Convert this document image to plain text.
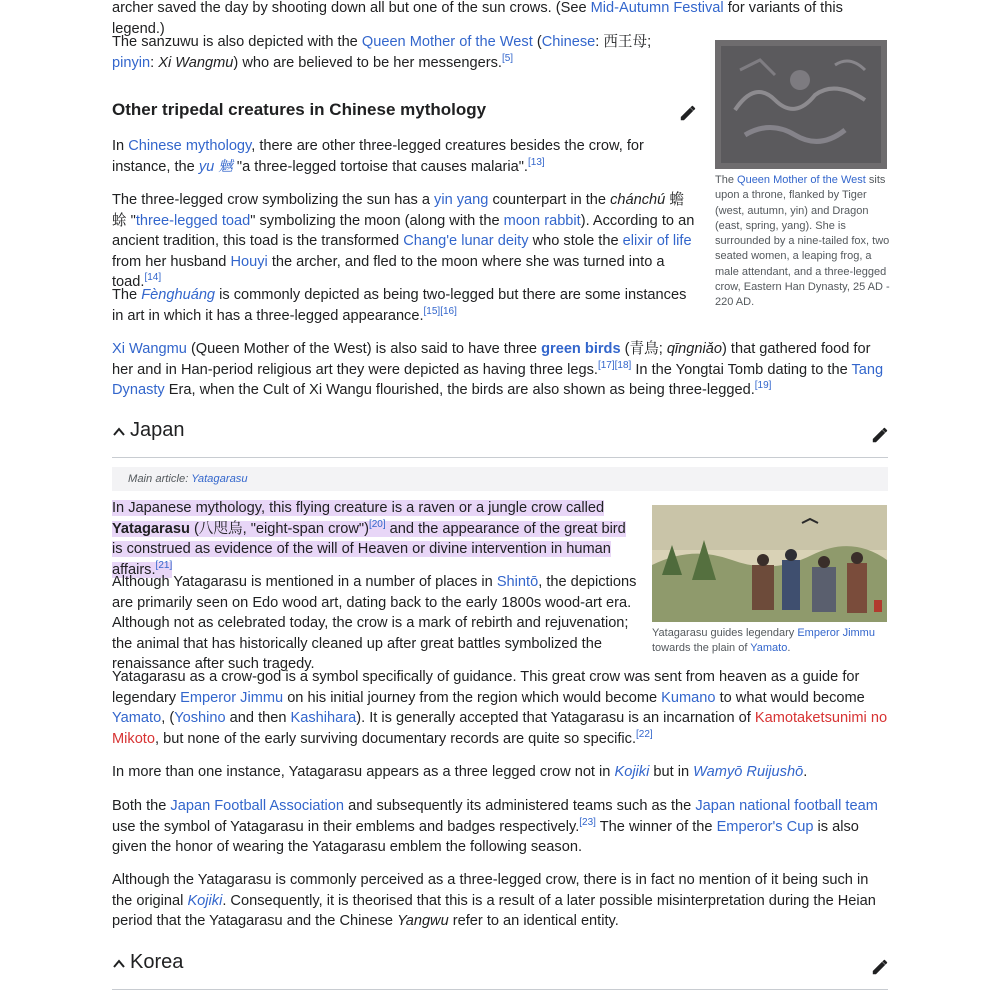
archer saved the day by shooting down all but one of the sun crows. (See Mid-Autumn Festival for variants of this legend.)

The sanzuwu is also depicted with the Queen Mother of the West (Chinese: 西王母; pinyin: Xi Wangmu) who are believed to be her messengers.[5]

The Queen Mother of the West sits upon a throne, flanked by Tiger (west, autumn, yin) and Dragon (east, spring, yang). She is surrounded by a nine-tailed fox, two seated women, a leaping frog, a male attendant, and a three-legged crow, Eastern Han Dynasty, 25 AD - 220 AD.
Other tripedal creatures in Chinese mythology

In Chinese mythology, there are other three-legged creatures besides the crow, for instance, the yu 魊 "a three-legged tortoise that causes malaria".[13]

The three-legged crow symbolizing the sun has a yin yang counterpart in the chánchú 蟾蜍 "three-legged toad" symbolizing the moon (along with the moon rabbit). According to an ancient tradition, this toad is the transformed Chang'e lunar deity who stole the elixir of life from her husband Houyi the archer, and fled to the moon where she was turned into a toad.[14]

The Fènghuáng is commonly depicted as being two-legged but there are some instances in art in which it has a three-legged appearance.[15][16]

Xi Wangmu (Queen Mother of the West) is also said to have three green birds (青鳥; qīngniǎo) that gathered food for her and in Han-period religious art they were depicted as having three legs.[17][18] In the Yongtai Tomb dating to the Tang Dynasty Era, when the Cult of Xi Wangu flourished, the birds are also shown as being three-legged.[19]

Japan
Main article: Yatagarasu

In Japanese mythology, this flying creature is a raven or a jungle crow called Yatagarasu (八咫烏, "eight-span crow")[20] and the appearance of the great bird is construed as evidence of the will of Heaven or divine intervention in human affairs.[21]

Yatagarasu guides legendary Emperor Jimmu towards the plain of Yamato.

Although Yatagarasu is mentioned in a number of places in Shintō, the depictions are primarily seen on Edo wood art, dating back to the early 1800s wood-art era. Although not as celebrated today, the crow is a mark of rebirth and rejuvenation; the animal that has historically cleaned up after great battles symbolized the renaissance after such tragedy.

Yatagarasu as a crow-god is a symbol specifically of guidance. This great crow was sent from heaven as a guide for legendary Emperor Jimmu on his initial journey from the region which would become Kumano to what would become Yamato, (Yoshino and then Kashihara). It is generally accepted that Yatagarasu is an incarnation of Kamotaketsunimi no Mikoto, but none of the early surviving documentary records are quite so specific.[22]

In more than one instance, Yatagarasu appears as a three legged crow not in Kojiki but in Wamyō Ruijushō.

Both the Japan Football Association and subsequently its administered teams such as the Japan national football team use the symbol of Yatagarasu in their emblems and badges respectively.[23] The winner of the Emperor's Cup is also given the honor of wearing the Yatagarasu emblem the following season.

Although the Yatagarasu is commonly perceived as a three-legged crow, there is in fact no mention of it being such in the original Kojiki. Consequently, it is theorised that this is a result of a later possible misinterpretation during the Heian period that the Yatagarasu and the Chinese Yangwu refer to an identical entity.

Korea
